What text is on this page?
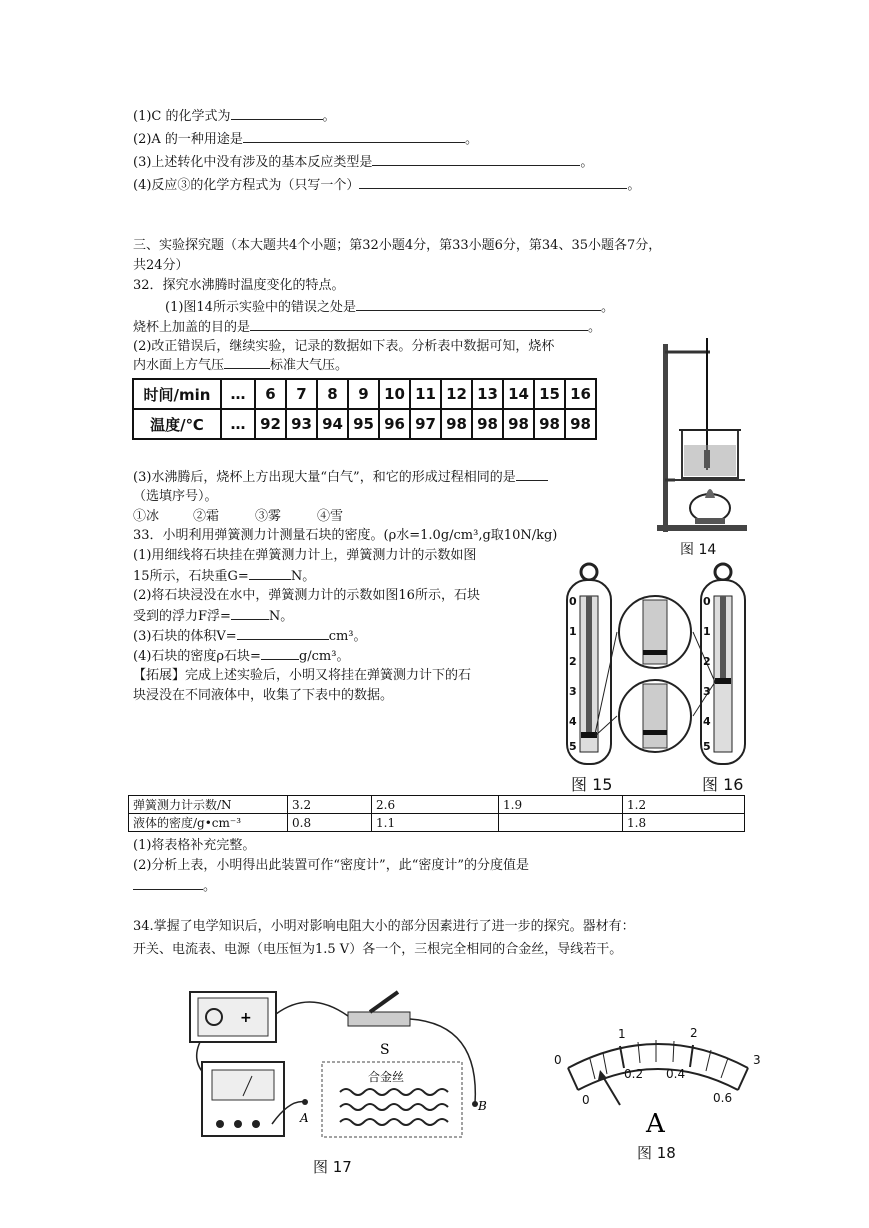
(1)C 的化学式为	。
(2)A 的一种用途是	。
(3)上述转化中没有涉及的基本反应类型是	。
(4)反应③的化学方程式为（只写一个）	。
三、实验探究题（本大题共4个小题；第32小题4分，第33小题6分，第34、35小题各7分，
共24分）
32．探究水沸腾时温度变化的特点。
(1)图14所示实验中的错误之处是	。
烧杯上加盖的目的是	。
(2)改正错误后，继续实验，记录的数据如下表。分析表中数据可知，烧杯
内水面上方气压	标准大气压。
时间/min	…	6	7	8	9	10	11	12	13	14	15	16
温度/℃	…	92	93	94	95	96	97	98	98	98	98	98
(3)水沸腾后，烧杯上方出现大量“白气”，和它的形成过程相同的是
（选填序号）。
①冰	②霜	③雾	④雪
图 14
33．小明利用弹簧测力计测量石块的密度。(ρ水=1.0g/cm³,g取10N/kg)
(1)用细线将石块挂在弹簧测力计上，弹簧测力计的示数如图
15所示，石块重G=	N。
(2)将石块浸没在水中，弹簧测力计的示数如图16所示，石块
受到的浮力F浮=	N。
(3)石块的体积V=	cm³。
(4)石块的密度ρ石块=	g/cm³。
【拓展】完成上述实验后，小明又将挂在弹簧测力计下的石
块浸没在不同液体中，收集了下表中的数据。
0
1
2
3
4
5
0
1
2
3
4
5
图 15	图 16
弹簧测力计示数/N	3.2	2.6	1.9	1.2
液体的密度/g•cm⁻³	0.8	1.1		1.8
(1)将表格补充完整。
(2)分析上表，小明得出此装置可作“密度计”，此“密度计”的分度值是
。
34.掌握了电学知识后，小明对影响电阻大小的部分因素进行了进一步的探究。器材有：
开关、电流表、电源（电压恒为1.5 V）各一个，三根完全相同的合金丝，导线若干。
+
S
A
合金丝
B
图 17
0
1	2
3
0
0.2 0.4
0.6
A
图 18
